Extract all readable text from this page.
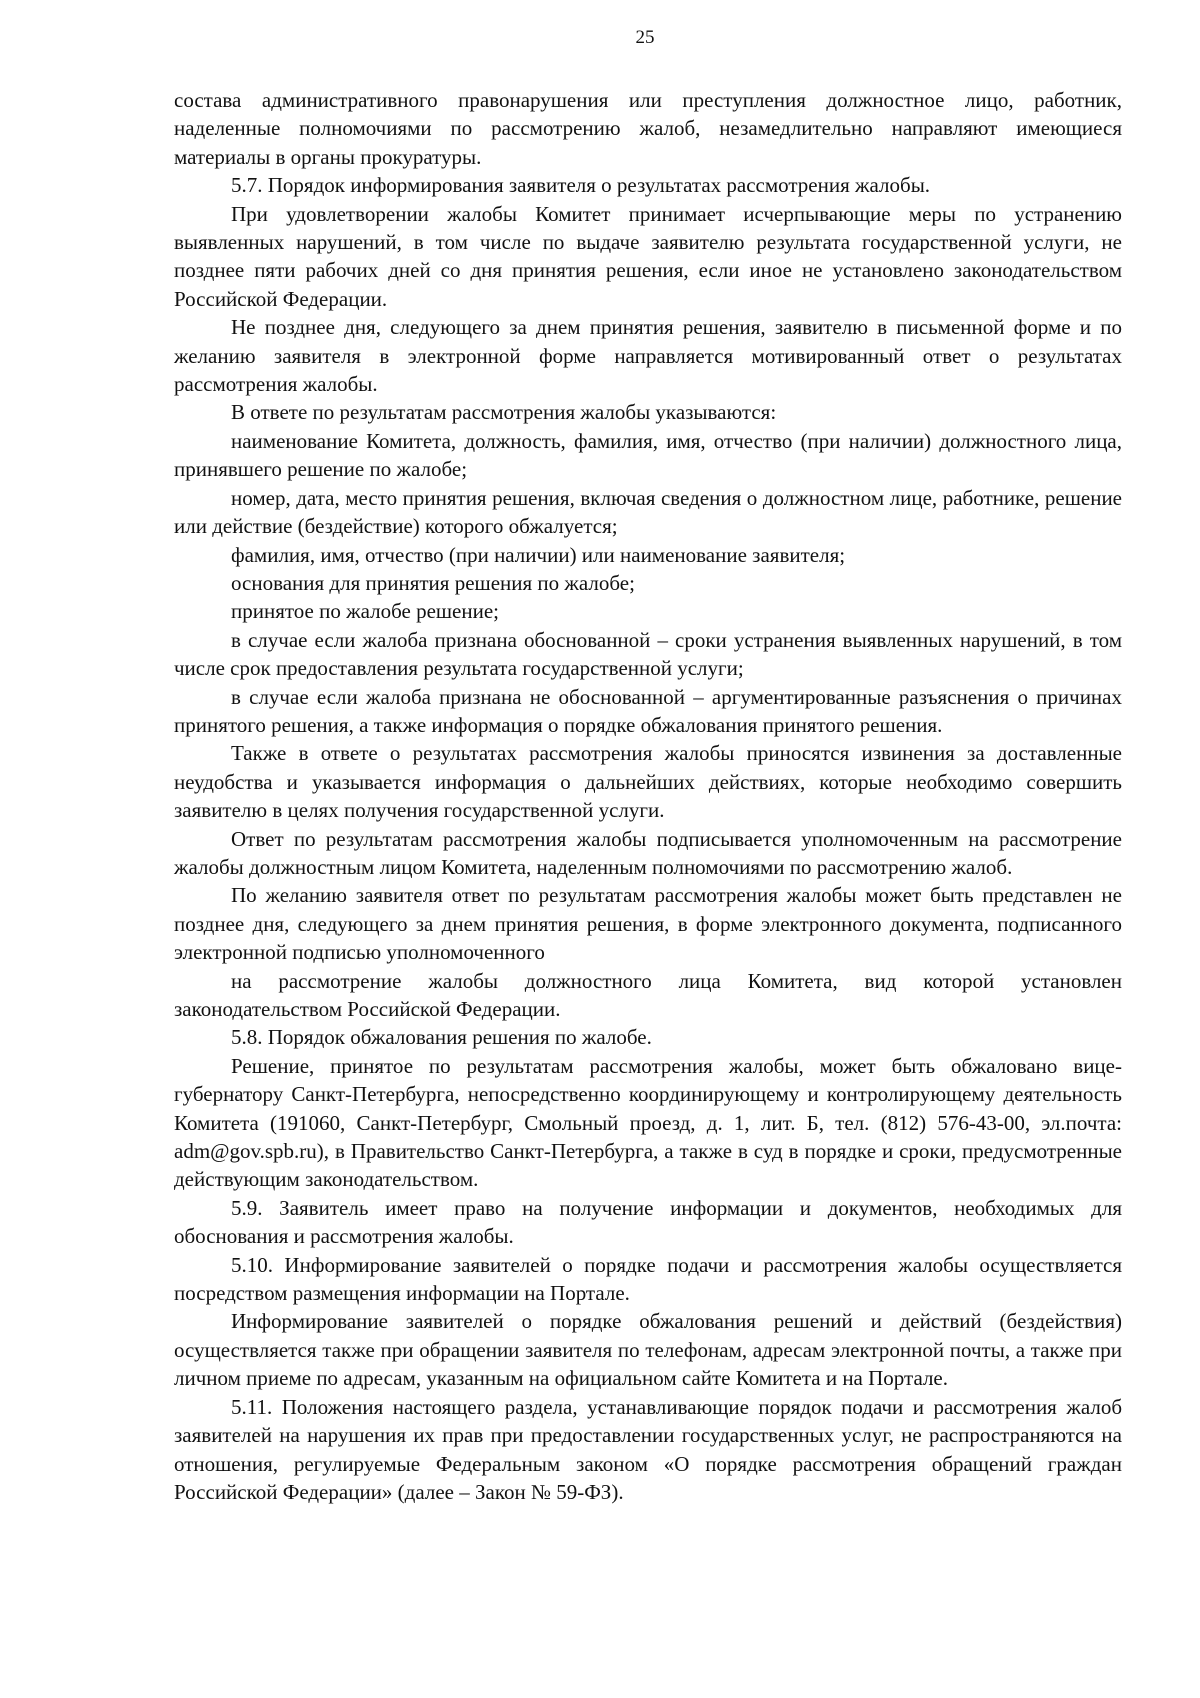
25

состава административного правонарушения или преступления должностное лицо, работник, наделенные полномочиями по рассмотрению жалоб, незамедлительно направляют имеющиеся материалы в органы прокуратуры.

5.7. Порядок информирования заявителя о результатах рассмотрения жалобы.

При удовлетворении жалобы Комитет принимает исчерпывающие меры по устранению выявленных нарушений, в том числе по выдаче заявителю результата государственной услуги, не позднее пяти рабочих дней со дня принятия решения, если иное не установлено законодательством Российской Федерации.

Не позднее дня, следующего за днем принятия решения, заявителю в письменной форме и по желанию заявителя в электронной форме направляется мотивированный ответ о результатах рассмотрения жалобы.

В ответе по результатам рассмотрения жалобы указываются:

наименование Комитета, должность, фамилия, имя, отчество (при наличии) должностного лица, принявшего решение по жалобе;

номер, дата, место принятия решения, включая сведения о должностном лице, работнике, решение или действие (бездействие) которого обжалуется;

фамилия, имя, отчество (при наличии) или наименование заявителя;

основания для принятия решения по жалобе;

принятое по жалобе решение;

в случае если жалоба признана обоснованной – сроки устранения выявленных нарушений, в том числе срок предоставления результата государственной услуги;

в случае если жалоба признана не обоснованной – аргументированные разъяснения о причинах принятого решения, а также информация о порядке обжалования принятого решения.

Также в ответе о результатах рассмотрения жалобы приносятся извинения за доставленные неудобства и указывается информация о дальнейших действиях, которые необходимо совершить заявителю в целях получения государственной услуги.

Ответ по результатам рассмотрения жалобы подписывается уполномоченным на рассмотрение жалобы должностным лицом Комитета, наделенным полномочиями по рассмотрению жалоб.

По желанию заявителя ответ по результатам рассмотрения жалобы может быть представлен не позднее дня, следующего за днем принятия решения, в форме электронного документа, подписанного электронной подписью уполномоченного

на рассмотрение жалобы должностного лица Комитета, вид которой установлен законодательством Российской Федерации.

5.8. Порядок обжалования решения по жалобе.

Решение, принятое по результатам рассмотрения жалобы, может быть обжаловано вице-губернатору Санкт-Петербурга, непосредственно координирующему и контролирующему деятельность Комитета (191060, Санкт-Петербург, Смольный проезд, д. 1, лит. Б, тел. (812) 576-43-00, эл.почта: adm@gov.spb.ru), в Правительство Санкт-Петербурга, а также в суд в порядке и сроки, предусмотренные действующим законодательством.

5.9. Заявитель имеет право на получение информации и документов, необходимых для обоснования и рассмотрения жалобы.

5.10. Информирование заявителей о порядке подачи и рассмотрения жалобы осуществляется посредством размещения информации на Портале.

Информирование заявителей о порядке обжалования решений и действий (бездействия) осуществляется также при обращении заявителя по телефонам, адресам электронной почты, а также при личном приеме по адресам, указанным на официальном сайте Комитета и на Портале.

5.11. Положения настоящего раздела, устанавливающие порядок подачи и рассмотрения жалоб заявителей на нарушения их прав при предоставлении государственных услуг, не распространяются на отношения, регулируемые Федеральным законом «О порядке рассмотрения обращений граждан Российской Федерации» (далее – Закон № 59-ФЗ).
